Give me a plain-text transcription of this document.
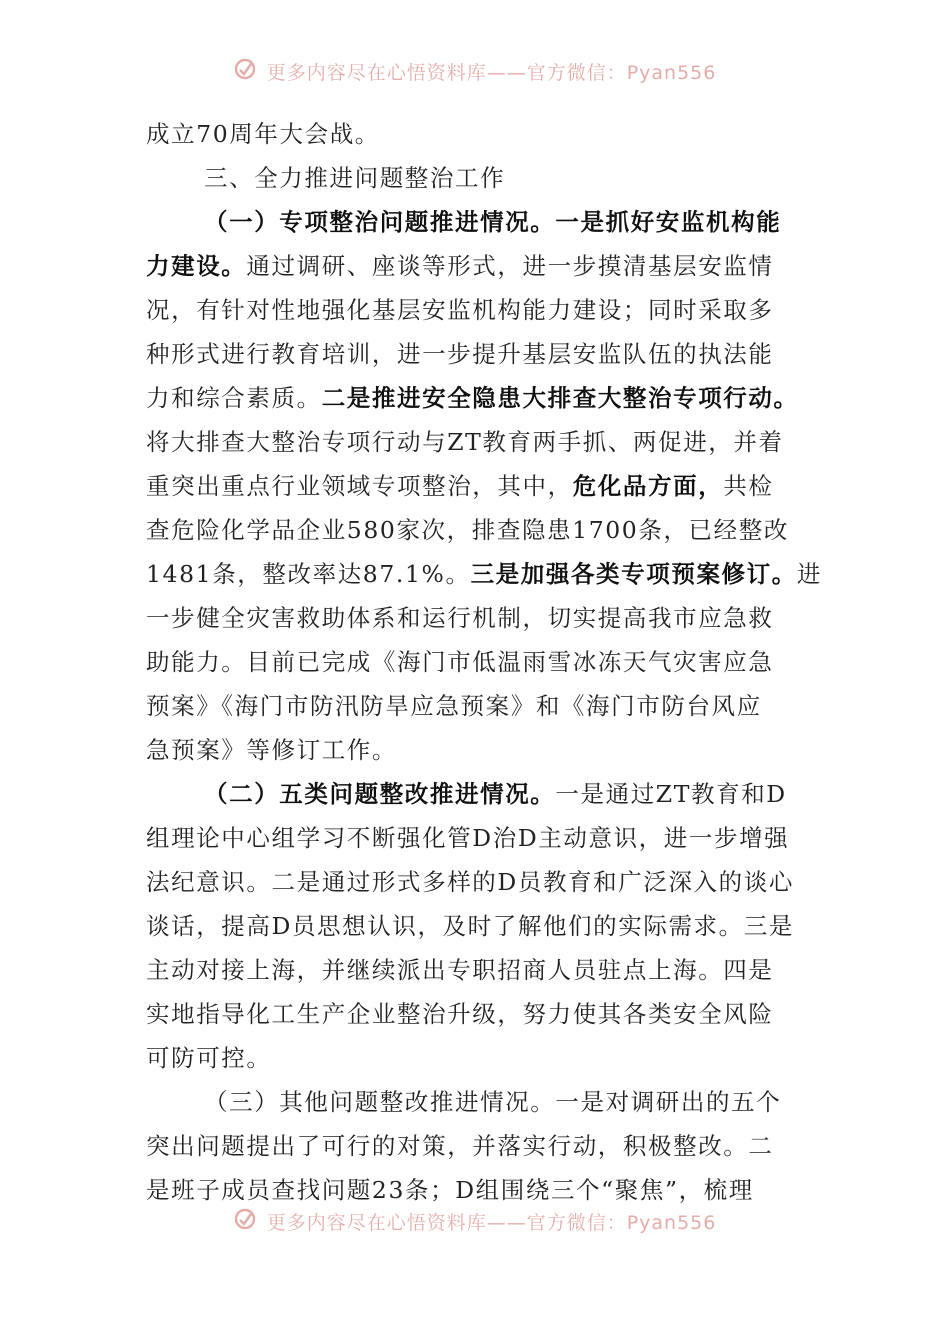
更多内容尽在心悟资料库——官方微信：Pyan556
成立70周年大会战。
三、全力推进问题整治工作
（一）专项整治问题推进情况。一是抓好安监机构能
力建设。通过调研、座谈等形式，进一步摸清基层安监情
况，有针对性地强化基层安监机构能力建设；同时采取多
种形式进行教育培训，进一步提升基层安监队伍的执法能
力和综合素质。二是推进安全隐患大排查大整治专项行动。
将大排查大整治专项行动与ZT教育两手抓、两促进，并着
重突出重点行业领域专项整治，其中，危化品方面，共检
查危险化学品企业580家次，排查隐患1700条，已经整改
1481条，整改率达87.1%。三是加强各类专项预案修订。进
一步健全灾害救助体系和运行机制，切实提高我市应急救
助能力。目前已完成《海门市低温雨雪冰冻天气灾害应急
预案》《海门市防汛防旱应急预案》和《海门市防台风应
急预案》等修订工作。
（二）五类问题整改推进情况。一是通过ZT教育和D
组理论中心组学习不断强化管D治D主动意识，进一步增强
法纪意识。二是通过形式多样的D员教育和广泛深入的谈心
谈话，提高D员思想认识，及时了解他们的实际需求。三是
主动对接上海，并继续派出专职招商人员驻点上海。四是
实地指导化工生产企业整治升级，努力使其各类安全风险
可防可控。
（三）其他问题整改推进情况。一是对调研出的五个
突出问题提出了可行的对策，并落实行动，积极整改。二
是班子成员查找问题23条；D组围绕三个“聚焦”，梳理
更多内容尽在心悟资料库——官方微信：Pyan556
